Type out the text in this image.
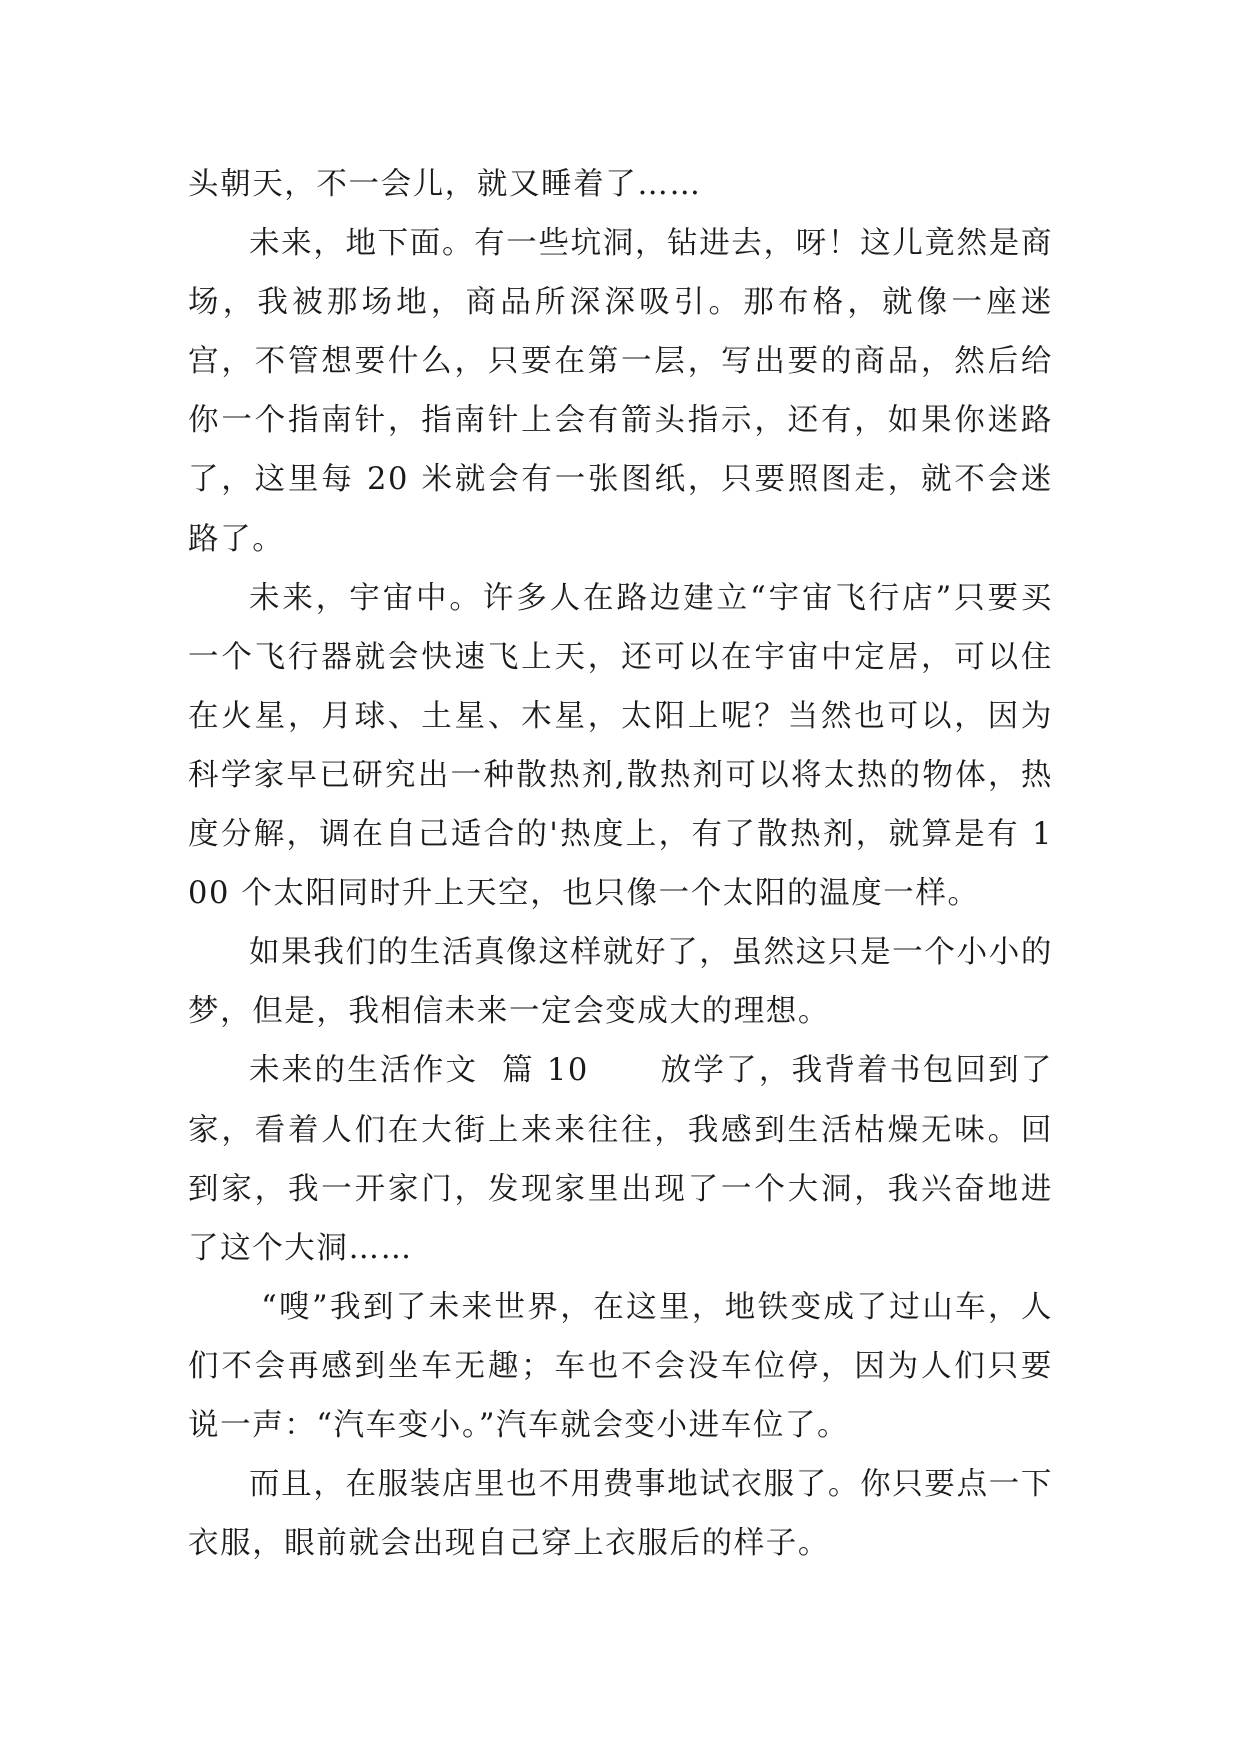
头朝天，不一会儿，就又睡着了……

未来，地下面。有一些坑洞，钻进去，呀！这儿竟然是商场，我被那场地，商品所深深吸引。那布格，就像一座迷宫，不管想要什么，只要在第一层，写出要的商品，然后给你一个指南针，指南针上会有箭头指示，还有，如果你迷路了，这里每 20 米就会有一张图纸，只要照图走，就不会迷路了。

未来，宇宙中。许多人在路边建立“宇宙飞行店”只要买一个飞行器就会快速飞上天，还可以在宇宙中定居，可以住在火星，月球、土星、木星，太阳上呢？当然也可以，因为科学家早已研究出一种散热剂,散热剂可以将太热的物体，热度分解，调在自己适合的'热度上，有了散热剂，就算是有 100 个太阳同时升上天空，也只像一个太阳的温度一样。

如果我们的生活真像这样就好了，虽然这只是一个小小的梦，但是，我相信未来一定会变成大的理想。

未来的生活作文  篇 10      放学了，我背着书包回到了家，看着人们在大街上来来往往，我感到生活枯燥无味。回到家，我一开家门，发现家里出现了一个大洞，我兴奋地进了这个大洞……

“嗖”我到了未来世界，在这里，地铁变成了过山车，人们不会再感到坐车无趣；车也不会没车位停，因为人们只要说一声：“汽车变小。”汽车就会变小进车位了。

而且，在服装店里也不用费事地试衣服了。你只要点一下衣服，眼前就会出现自己穿上衣服后的样子。
